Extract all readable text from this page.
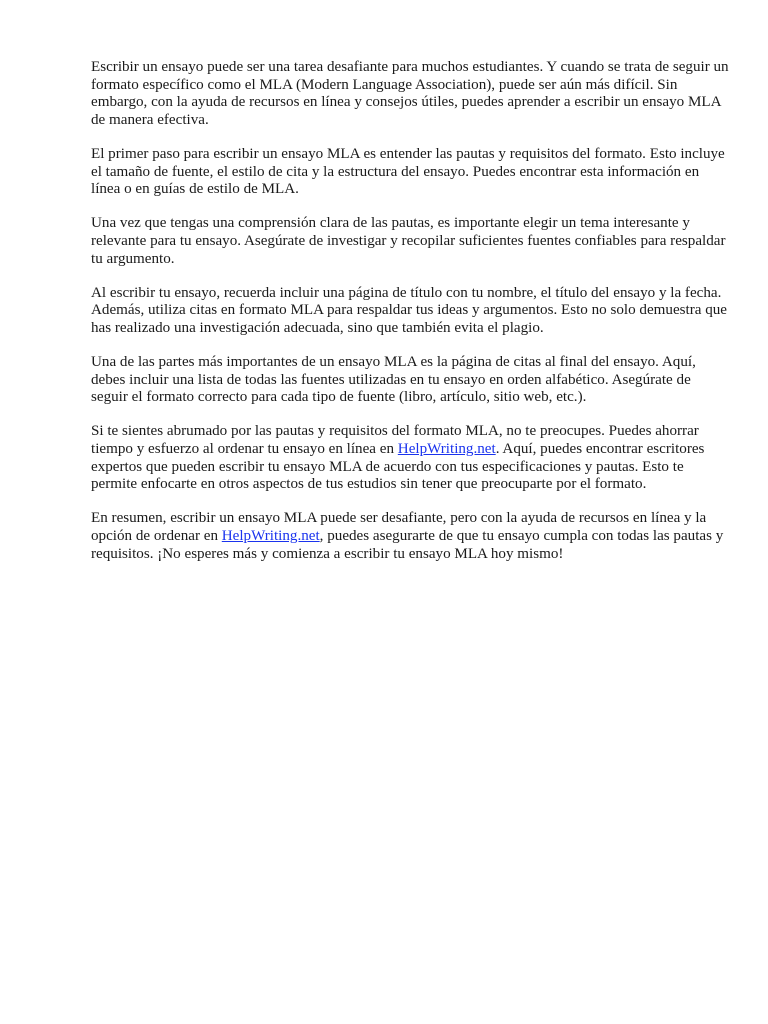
Escribir un ensayo puede ser una tarea desafiante para muchos estudiantes. Y cuando se trata de seguir un formato específico como el MLA (Modern Language Association), puede ser aún más difícil. Sin embargo, con la ayuda de recursos en línea y consejos útiles, puedes aprender a escribir un ensayo MLA de manera efectiva.

El primer paso para escribir un ensayo MLA es entender las pautas y requisitos del formato. Esto incluye el tamaño de fuente, el estilo de cita y la estructura del ensayo. Puedes encontrar esta información en línea o en guías de estilo de MLA.

Una vez que tengas una comprensión clara de las pautas, es importante elegir un tema interesante y relevante para tu ensayo. Asegúrate de investigar y recopilar suficientes fuentes confiables para respaldar tu argumento.

Al escribir tu ensayo, recuerda incluir una página de título con tu nombre, el título del ensayo y la fecha. Además, utiliza citas en formato MLA para respaldar tus ideas y argumentos. Esto no solo demuestra que has realizado una investigación adecuada, sino que también evita el plagio.

Una de las partes más importantes de un ensayo MLA es la página de citas al final del ensayo. Aquí, debes incluir una lista de todas las fuentes utilizadas en tu ensayo en orden alfabético. Asegúrate de seguir el formato correcto para cada tipo de fuente (libro, artículo, sitio web, etc.).

Si te sientes abrumado por las pautas y requisitos del formato MLA, no te preocupes. Puedes ahorrar tiempo y esfuerzo al ordenar tu ensayo en línea en HelpWriting.net. Aquí, puedes encontrar escritores expertos que pueden escribir tu ensayo MLA de acuerdo con tus especificaciones y pautas. Esto te permite enfocarte en otros aspectos de tus estudios sin tener que preocuparte por el formato.

En resumen, escribir un ensayo MLA puede ser desafiante, pero con la ayuda de recursos en línea y la opción de ordenar en HelpWriting.net, puedes asegurarte de que tu ensayo cumpla con todas las pautas y requisitos. ¡No esperes más y comienza a escribir tu ensayo MLA hoy mismo!
